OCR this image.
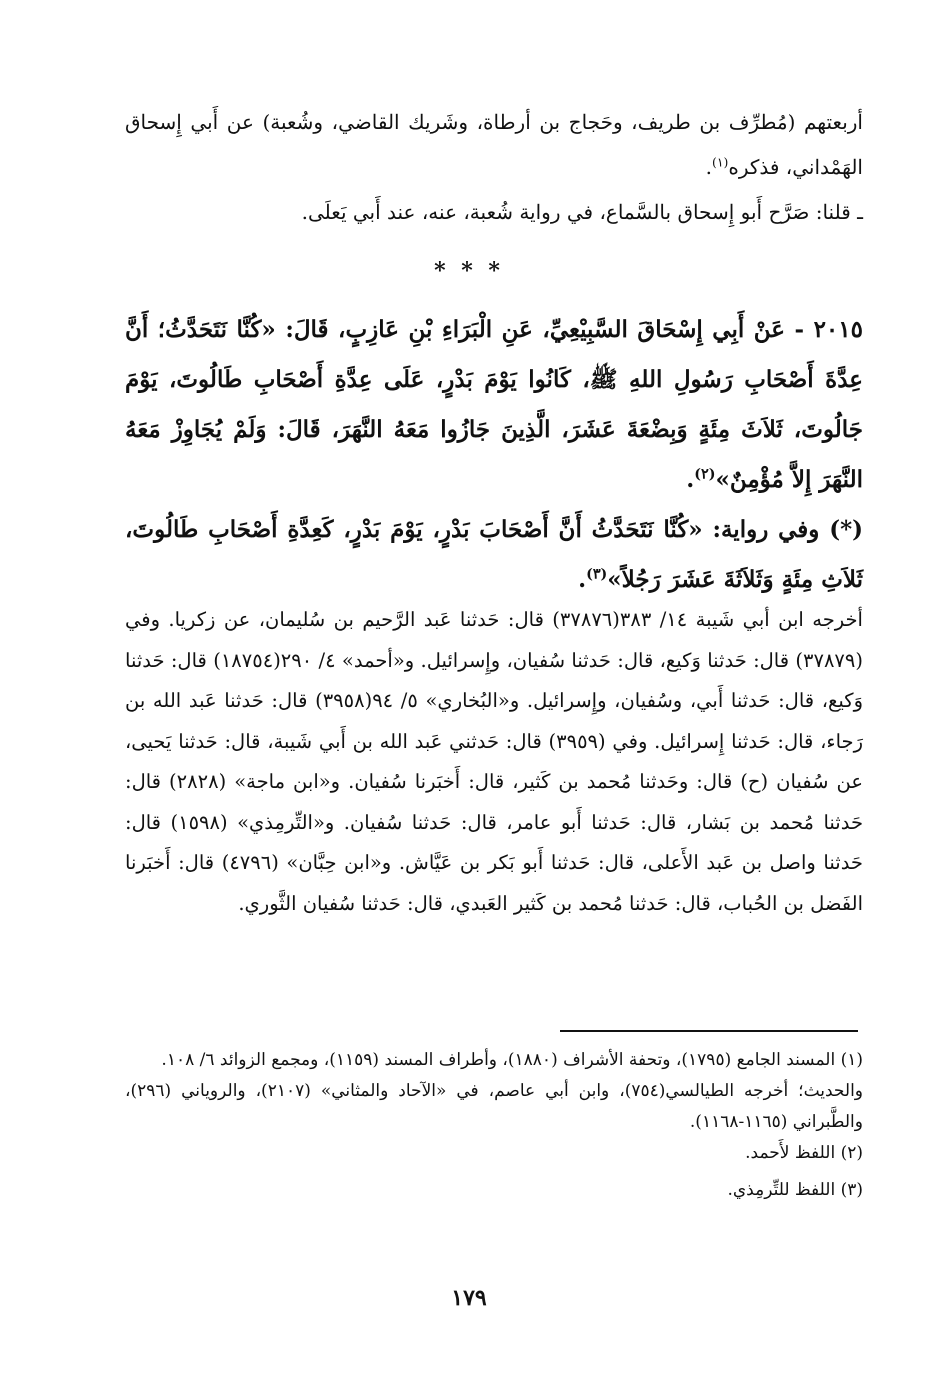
أربعتهم (مُطرِّف بن طريف، وحَجاج بن أرطاة، وشَريك القاضي، وشُعبة) عن أَبي إِسحاق الهَمْداني، فذكره$^{(١)}$.

ـ قلنا: صَرَّح أَبو إِسحاق بالسَّماع، في رواية شُعبة، عنه، عند أَبي يَعلَى.

* * *

٢٠١٥ - عَنْ أَبِي إِسْحَاقَ السَّبِيْعِيِّ، عَنِ الْبَرَاءِ بْنِ عَازِبٍ، قَالَ: «كُنَّا نَتَحَدَّثُ؛ أَنَّ عِدَّةَ أَصْحَابِ رَسُولِ اللهِ ﷺ، كَانُوا يَوْمَ بَدْرٍ، عَلَى عِدَّةِ أَصْحَابِ طَالُوتَ، يَوْمَ جَالُوتَ، ثَلاَثَ مِئَةٍ وَبِضْعَةَ عَشَرَ، الَّذِينَ جَازُوا مَعَهُ النَّهَرَ، قَالَ: وَلَمْ يُجَاوِزْ مَعَهُ النَّهَرَ إِلاَّ مُؤْمِنٌ»$^{(٢)}$.

(*) وفي رواية: «كُنَّا نَتَحَدَّثُ أَنَّ أَصْحَابَ بَدْرٍ، يَوْمَ بَدْرٍ، كَعِدَّةِ أَصْحَابِ طَالُوتَ، ثَلاَثِ مِئَةٍ وَثَلاَثَةَ عَشَرَ رَجُلاً»$^{(٣)}$.

أخرجه ابن أبي شَيبة ١٤/ ٣٨٣(٣٧٨٧٦) قال: حَدثنا عَبد الرَّحيم بن سُليمان، عن زكريا. وفي (٣٧٨٧٩) قال: حَدثنا وَكيع، قال: حَدثنا سُفيان، وإِسرائيل. و«أحمد» ٤/ ٢٩٠(١٨٧٥٤) قال: حَدثنا وَكيع، قال: حَدثنا أَبي، وسُفيان، وإِسرائيل. و«البُخاري» ٥/ ٩٤(٣٩٥٨) قال: حَدثنا عَبد الله بن رَجاء، قال: حَدثنا إِسرائيل. وفي (٣٩٥٩) قال: حَدثني عَبد الله بن أَبي شَيبة، قال: حَدثنا يَحيى، عن سُفيان (ح) قال: وحَدثنا مُحمد بن كَثير، قال: أَخبَرنا سُفيان. و«ابن ماجة» (٢٨٢٨) قال: حَدثنا مُحمد بن بَشار، قال: حَدثنا أَبو عامر، قال: حَدثنا سُفيان. و«التِّرمِذي» (١٥٩٨) قال: حَدثنا واصل بن عَبد الأَعلى، قال: حَدثنا أَبو بَكر بن عَيَّاش. و«ابن حِبَّان» (٤٧٩٦) قال: أَخبَرنا الفَضل بن الحُباب، قال: حَدثنا مُحمد بن كَثير العَبدي، قال: حَدثنا سُفيان الثَّوري.

(١) المسند الجامع (١٧٩٥)، وتحفة الأشراف (١٨٨٠)، وأطراف المسند (١١٥٩)، ومجمع الزوائد ٦/ ١٠٨.

والحديث؛ أخرجه الطيالسي(٧٥٤)، وابن أبي عاصم، في «الآحاد والمثاني» (٢١٠٧)، والروياني (٢٩٦)، والطَّبراني (١١٦٥-١١٦٨).

(٢) اللفظ لأَحمد.

(٣) اللفظ للتِّرمِذي.

١٧٩
